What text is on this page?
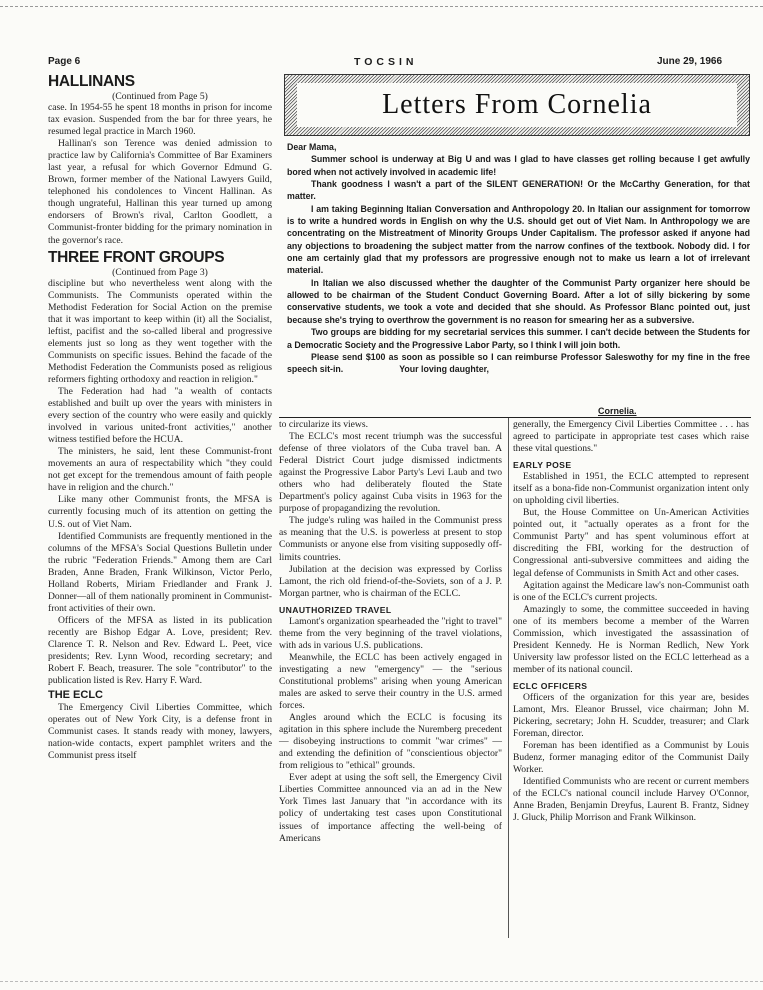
Page 6	TOCSIN	June 29, 1966
HALLINANS
(Continued from Page 5)

case. In 1954-55 he spent 18 months in prison for income tax evasion. Suspended from the bar for three years, he resumed legal practice in March 1960.

Hallinan's son Terence was denied admission to practice law by California's Committee of Bar Examiners last year, a refusal for which Governor Edmund G. Brown, former member of the National Lawyers Guild, telephoned his condolences to Vincent Hallinan. As though ungrateful, Hallinan this year turned up among endorsers of Brown's rival, Carlton Goodlett, a Communist-fronter bidding for the primary nomination in the governor's race.

THREE FRONT GROUPS
(Continued from Page 3)

discipline but who nevertheless went along with the Communists. The Communists operated within the Methodist Federation for Social Action on the premise that it was important to keep within (it) all the Socialist, leftist, pacifist and the so-called liberal and progressive elements just so long as they went together with the Communists on specific issues. Behind the facade of the Methodist Federation the Communists posed as religious reformers fighting orthodoxy and reaction in religion."

The Federation had had "a wealth of contacts established and built up over the years with ministers in every section of the country who were easily and quickly involved in various united-front activities," another witness testified before the HCUA.

The ministers, he said, lent these Communist-front movements an aura of respectability which "they could not get except for the tremendous amount of faith people have in religion and the church."

Like many other Communist fronts, the MFSA is currently focusing much of its attention on getting the U.S. out of Viet Nam.

Identified Communists are frequently mentioned in the columns of the MFSA's Social Questions Bulletin under the rubric "Federation Friends." Among them are Carl Braden, Anne Braden, Frank Wilkinson, Victor Perlo, Holland Roberts, Miriam Friedlander and Frank J. Donner—all of them nationally prominent in Communist-front activities of their own.

Officers of the MFSA as listed in its publication recently are Bishop Edgar A. Love, president; Rev. Clarence T. R. Nelson and Rev. Edward L. Peet, vice presidents; Rev. Lynn Wood, recording secretary; and Robert F. Beach, treasurer. The sole "contributor" to the publication listed is Rev. Harry F. Ward.

THE ECLC

The Emergency Civil Liberties Committee, which operates out of New York City, is a defense front in Communist cases. It stands ready with money, lawyers, nation-wide contacts, expert pamphlet writers and the Communist press itself

Letters From Cornelia

Dear Mama,

Summer school is underway at Big U and was I glad to have classes get rolling because I get awfully bored when not actively involved in academic life!

Thank goodness I wasn't a part of the SILENT GENERATION! Or the McCarthy Generation, for that matter.

I am taking Beginning Italian Conversation and Anthropology 20. In Italian our assignment for tomorrow is to write a hundred words in English on why the U.S. should get out of Viet Nam. In Anthropology we are concentrating on the Mistreatment of Minority Groups Under Capitalism. The professor asked if anyone had any objections to broadening the subject matter from the narrow confines of the textbook. Nobody did. I for one am certainly glad that my professors are progressive enough not to make us learn a lot of irrelevant material.

In Italian we also discussed whether the daughter of the Communist Party organizer here should be allowed to be chairman of the Student Conduct Governing Board. After a lot of silly bickering by some conservative students, we took a vote and decided that she should. As Professor Blanc pointed out, just because she's trying to overthrow the government is no reason for smearing her as a subversive.

Two groups are bidding for my secretarial services this summer. I can't decide between the Students for a Democratic Society and the Progressive Labor Party, so I think I will join both.

Please send $100 as soon as possible so I can reimburse Professor Saleswothy for my fine in the free speech sit-in.	Your loving daughter,

Cornelia.

to circularize its views.

The ECLC's most recent triumph was the successful defense of three violators of the Cuba travel ban. A Federal District Court judge dismissed indictments against the Progressive Labor Party's Levi Laub and two others who had deliberately flouted the State Department's policy against Cuba visits in 1963 for the purpose of propagandizing the revolution.

The judge's ruling was hailed in the Communist press as meaning that the U.S. is powerless at present to stop Communists or anyone else from visiting supposedly off-limits countries.

Jubilation at the decision was expressed by Corliss Lamont, the rich old friend-of-the-Soviets, son of a J. P. Morgan partner, who is chairman of the ECLC.

UNAUTHORIZED TRAVEL

Lamont's organization spearheaded the "right to travel" theme from the very beginning of the travel violations, with ads in various U.S. publications.

Meanwhile, the ECLC has been actively engaged in investigating a new "emergency" — the "serious Constitutional problems" arising when young American males are asked to serve their country in the U.S. armed forces.

Angles around which the ECLC is focusing its agitation in this sphere include the Nuremberg precedent — disobeying instructions to commit "war crimes" — and extending the definition of "conscientious objector" from religious to "ethical" grounds.

Ever adept at using the soft sell, the Emergency Civil Liberties Committee announced via an ad in the New York Times last January that "in accordance with its policy of undertaking test cases upon Constitutional issues of importance affecting the well-being of Americans

generally, the Emergency Civil Liberties Committee . . . has agreed to participate in appropriate test cases which raise these vital questions."

EARLY POSE

Established in 1951, the ECLC attempted to represent itself as a bona-fide non-Communist organization intent only on upholding civil liberties.

But, the House Committee on Un-American Activities pointed out, it "actually operates as a front for the Communist Party" and has spent voluminous effort at discrediting the FBI, working for the destruction of Congressional anti-subversive committees and aiding the legal defense of Communists in Smith Act and other cases.

Agitation against the Medicare law's non-Communist oath is one of the ECLC's current projects.

Amazingly to some, the committee succeeded in having one of its members become a member of the Warren Commission, which investigated the assassination of President Kennedy. He is Norman Redlich, New York University law professor listed on the ECLC letterhead as a member of its national council.

ECLC OFFICERS

Officers of the organization for this year are, besides Lamont, Mrs. Eleanor Brussel, vice chairman; John M. Pickering, secretary; John H. Scudder, treasurer; and Clark Foreman, director.

Foreman has been identified as a Communist by Louis Budenz, former managing editor of the Communist Daily Worker.

Identified Communists who are recent or current members of the ECLC's national council include Harvey O'Connor, Anne Braden, Benjamin Dreyfus, Laurent B. Frantz, Sidney J. Gluck, Philip Morrison and Frank Wilkinson.
